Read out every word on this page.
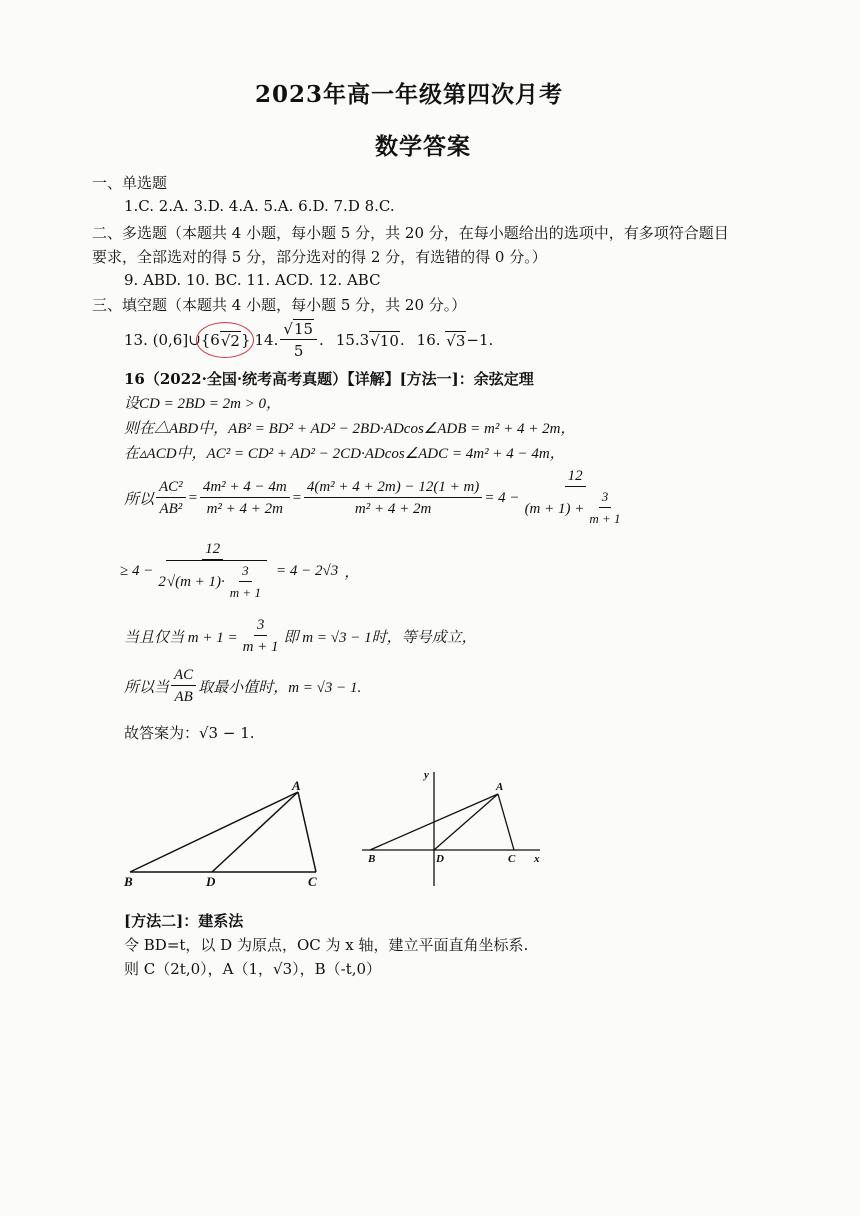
2023年高一年级第四次月考
数学答案
一、单选题
1.C. 2.A. 3.D. 4.A. 5.A. 6.D. 7.D 8.C.
二、多选题（本题共 4 小题，每小题 5 分，共 20 分，在每小题给出的选项中，有多项符合题目
要求，全部选对的得 5 分，部分选对的得 2 分，有选错的得 0 分。）
9. ABD. 10. BC. 11. ACD. 12. ABC
三、填空题（本题共 4 小题，每小题 5 分，共 20 分。）
13.
(0,6]∪{6 √2 } 14. $\frac{√15}{5}$ . 15.3 √10 . 16.
√3 −1.
16（2022·全国·统考高考真题）【详解】[方法一]：余弦定理
设CD = 2BD = 2m > 0，
则在△ABD中，AB² = BD² + AD² − 2BD·ADcos∠ADB = m² + 4 + 2m，
在▵ACD中，AC² = CD² + AD² − 2CD·ADcos∠ADC = 4m² + 4 − 4m，
所以 $\frac{\text{AC²}}{\text{AB²}} = \frac{\text{4m² + 4 − 4m}}{\text{m² + 4 + 2m}} = \frac{\text{4(m² + 4 + 2m) − 12(1 + m)}}{\text{m² + 4 + 2m}} = 4 - \frac{12}{(m + 1) + \frac{3}{m + 1}}$
≥ $4 - \frac{12}{2 √ (m + 1)\cdot \frac{3}{m + 1}} = 4 - 2√3$ ，
当且仅当 $m + 1 = \frac{3}{m + 1}$ 即 m = √3 − 1时，等号成立，
所以当 $\frac{AC}{AB}$ 取最小值时，m = √3 − 1.
故答案为：√3 − 1.
A
B	C
D
A
B	C
D	x
y
[方法二]：建系法
令 BD=t，以 D 为原点，OC 为 x 轴，建立平面直角坐标系.
则 C（2t,0），A（1，√3），B（-t,0）
